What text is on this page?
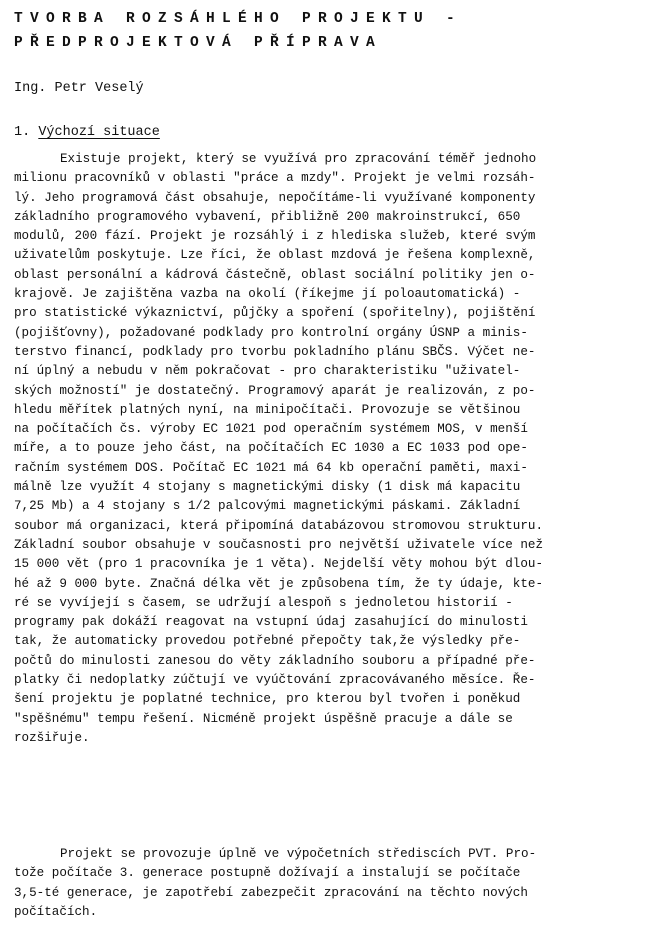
TVORBA ROZSÁHLÉHO PROJEKTU -
PŘEDPROJEKTOVÁ PŘÍPRAVA
Ing. Petr Veselý
1. Výchozí situace
Existuje projekt, který se využívá pro zpracování téměř jednoho
milionu pracovníků v oblasti "práce a mzdy". Projekt je velmi rozsáh-
lý. Jeho programová část obsahuje, nepočítáme-li využívané komponenty
základního programového vybavení, přibližně 200 makroinstrukcí, 650
modulů, 200 fází. Projekt je rozsáhlý i z hlediska služeb, které svým
uživatelům poskytuje. Lze říci, že oblast mzdová je řešena komplexně,
oblast personální a kádrová částečně, oblast sociální politiky jen o-
krajově. Je zajištěna vazba na okolí (říkejme jí poloautomatická) -
pro statistické výkaznictví, půjčky a spoření (spořitelny), pojištění
(pojišťovny), požadované podklady pro kontrolní orgány ÚSNP a minis-
terstvo financí, podklady pro tvorbu pokladního plánu SBČS. Výčet ne-
ní úplný a nebudu v něm pokračovat - pro charakteristiku "uživatel-
ských možností" je dostatečný. Programový aparát je realizován, z po-
hledu měřítek platných nyní, na minipočítači. Provozuje se většinou
na počítačích čs. výroby EC 1021 pod operačním systémem MOS, v menší
míře, a to pouze jeho část, na počítačích EC 1030 a EC 1033 pod ope-
račním systémem DOS. Počítač EC 1021 má 64 kb operační paměti, maxi-
málně lze využít 4 stojany s magnetickými disky (1 disk má kapacitu
7,25 Mb) a 4 stojany s 1/2 palcovými magnetickými páskami. Základní
soubor má organizaci, která připomíná databázovou stromovou strukturu.
Základní soubor obsahuje v současnosti pro největší uživatele více než
15 000 vět (pro 1 pracovníka je 1 věta). Nejdelší věty mohou být dlou-
hé až 9 000 byte. Značná délka vět je způsobena tím, že ty údaje, kte-
ré se vyvíjejí s časem, se udržují alespoň s jednoletou historií -
programy pak dokáží reagovat na vstupní údaj zasahující do minulosti
tak, že automaticky provedou potřebné přepočty tak,že výsledky pře-
počtů do minulosti zanesou do věty základního souboru a případné pře-
platky či nedoplatky zúčtují ve vyúčtování zpracovávaného měsíce. Ře-
šení projektu je poplatné technice, pro kterou byl tvořen i poněkud
"spěšnému" tempu řešení. Nicméně projekt úspěšně pracuje a dále se
rozšiřuje.
Projekt se provozuje úplně ve výpočetních střediscích PVT. Pro-
tože počítače 3. generace postupně dožívají a instalují se počítače
3,5-té generace, je zapotřebí zabezpečit zpracování na těchto nových
počítačích.
